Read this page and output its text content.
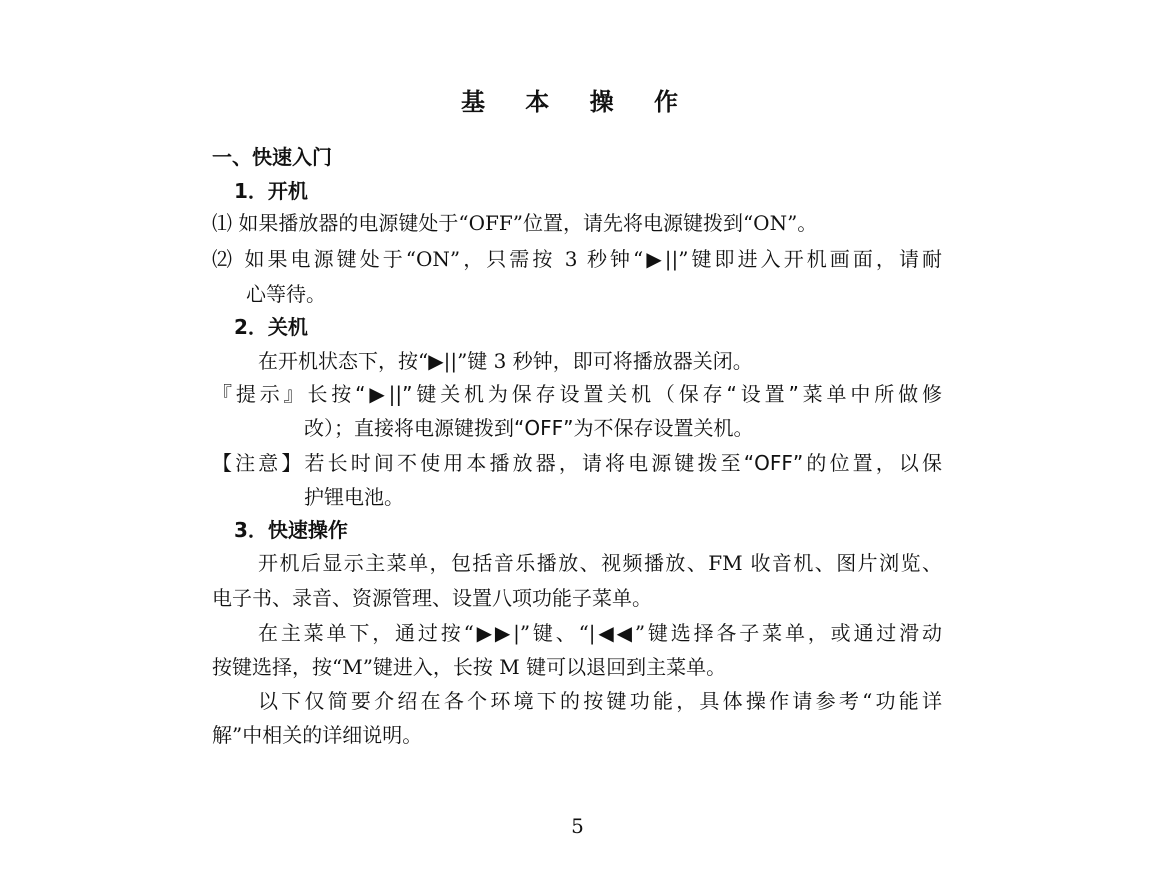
基 本 操 作
一、快速入门
1．开机
⑴ 如果播放器的电源键处于“OFF”位置，请先将电源键拨到“ON”。
⑵ 如果电源键处于“ON”，只需按 3 秒钟“▶||”键即进入开机画面，请耐
心等待。
2．关机
在开机状态下，按“▶||”键 3 秒钟，即可将播放器关闭。
『提示』长按“▶||”键关机为保存设置关机（保存“设置”菜单中所做修
改）；直接将电源键拨到“OFF”为不保存设置关机。
【注意】若长时间不使用本播放器，请将电源键拨至“OFF”的位置，以保
护锂电池。
3．快速操作
开机后显示主菜单，包括音乐播放、视频播放、FM 收音机、图片浏览、
电子书、录音、资源管理、设置八项功能子菜单。
在主菜单下，通过按“▶▶|”键、“|◀◀”键选择各子菜单，或通过滑动
按键选择，按“M”键进入，长按 M 键可以退回到主菜单。
以下仅简要介绍在各个环境下的按键功能，具体操作请参考“功能详
解”中相关的详细说明。
5
